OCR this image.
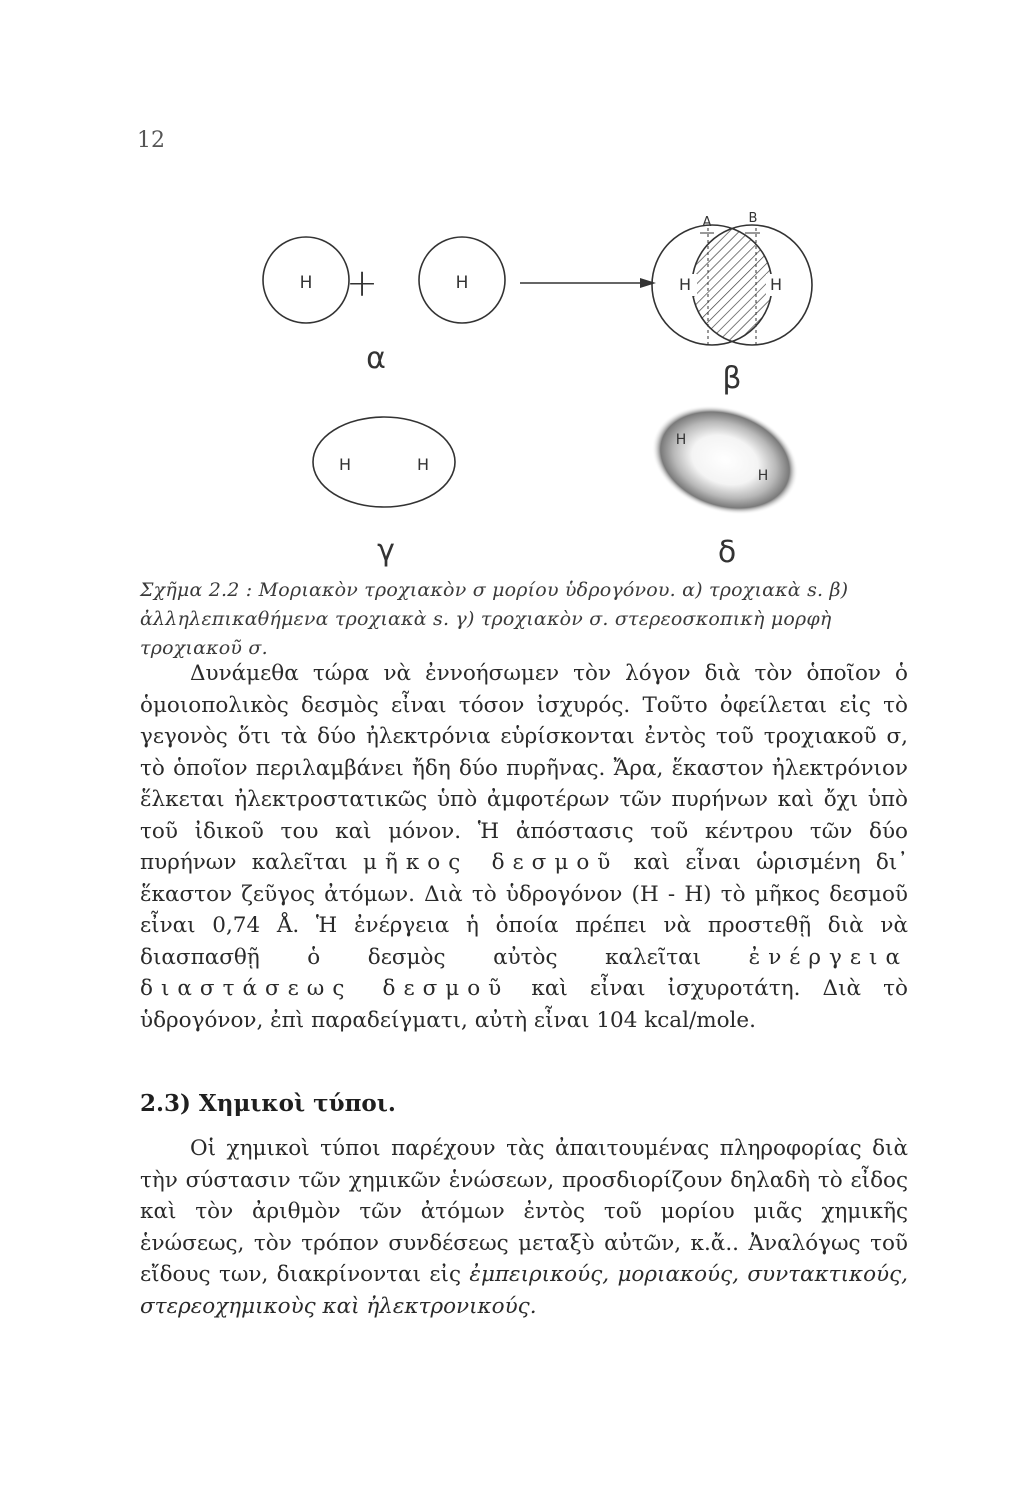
12
H +	H
α
A	B
H	H
β
H	H
γ
H
H
δ
Σχῆμα 2.2 : Μοριακὸν τροχιακὸν σ μορίου ὑδρογόνου. α) τροχιακὰ s. β) ἀλληλεπικαθήμενα τροχιακὰ s. γ) τροχιακὸν σ. στερεοσκοπικὴ μορφὴ τροχιακοῦ σ.

Δυνάμεθα τώρα νὰ ἐννοήσωμεν τὸν λόγον διὰ τὸν ὁποῖον ὁ ὁμοιοπολικὸς δεσμὸς εἶναι τόσον ἰσχυρός. Τοῦτο ὀφείλεται εἰς τὸ γεγονὸς ὅτι τὰ δύο ἠλεκτρόνια εὑρίσκονται ἐντὸς τοῦ τροχιακοῦ σ, τὸ ὁποῖον περιλαμβάνει ἤδη δύο πυρῆνας. Ἄρα, ἕκαστον ἠλεκτρόνιον ἕλκεται ἠλεκτροστατικῶς ὑπὸ ἀμφοτέρων τῶν πυρήνων καὶ ὄχι ὑπὸ τοῦ ἰδικοῦ του καὶ μόνον. Ἡ ἀπόστασις τοῦ κέντρου τῶν δύο πυρήνων καλεῖται μῆκος δεσμοῦ καὶ εἶναι ὡρισμένη δι᾿ ἕκαστον ζεῦγος ἀτόμων. Διὰ τὸ ὑδρογόνον (Η - Η) τὸ μῆκος δεσμοῦ εἶναι 0,74 Å. Ἡ ἐνέργεια ἡ ὁποία πρέπει νὰ προστεθῇ διὰ νὰ διασπασθῇ ὁ δεσμὸς αὐτὸς καλεῖται ἐνέργεια διαστάσεως δεσμοῦ καὶ εἶναι ἰσχυροτάτη. Διὰ τὸ ὑδρογόνον, ἐπὶ παραδείγματι, αὐτὴ εἶναι 104 kcal/mole.

2.3) Χημικοὶ τύποι.

Οἱ χημικοὶ τύποι παρέχουν τὰς ἀπαιτουμένας πληροφορίας διὰ τὴν σύστασιν τῶν χημικῶν ἑνώσεων, προσδιορίζουν δηλαδὴ τὸ εἶδος καὶ τὸν ἀριθμὸν τῶν ἀτόμων ἐντὸς τοῦ μορίου μιᾶς χημικῆς ἑνώσεως, τὸν τρόπον συνδέσεως μεταξὺ αὐτῶν, κ.ἄ.. Ἀναλόγως τοῦ εἴδους των, διακρίνονται εἰς ἐμπειρικούς, μοριακούς, συντακτικούς, στερεοχημικοὺς καὶ ἠλεκτρονικούς.
